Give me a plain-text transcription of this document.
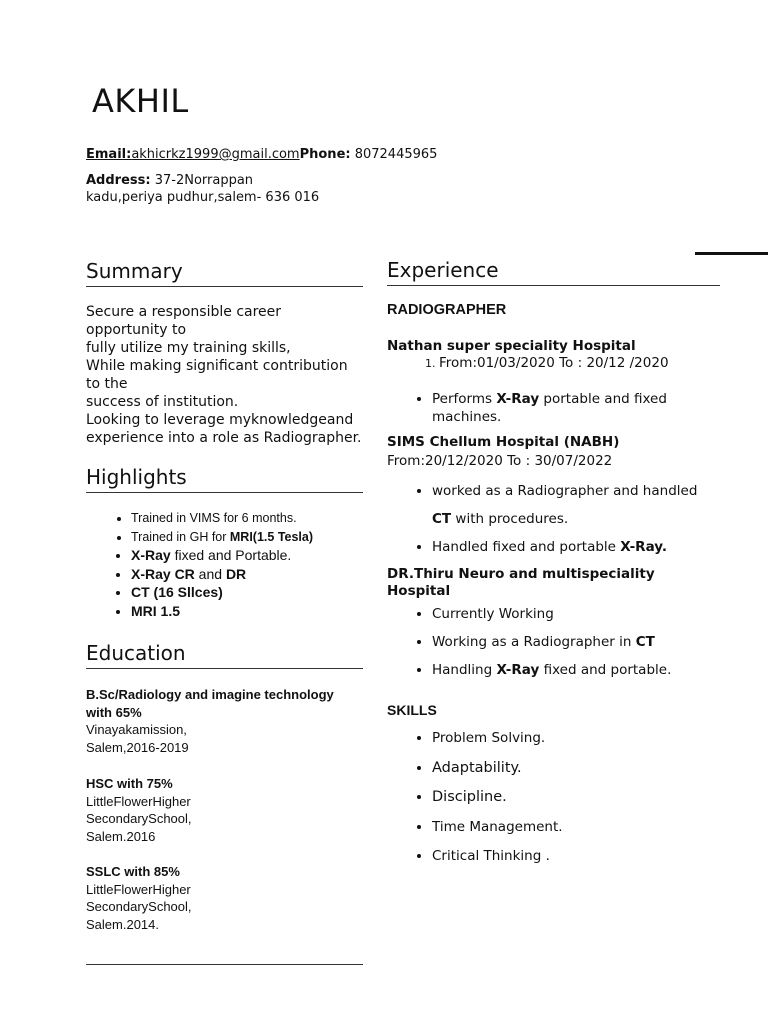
AKHIL
Email:akhicrkz1999@gmail.comPhone: 8072445965
Address: 37-2Norrappan
kadu,periya pudhur,salem- 636 016
Summary
Secure a responsible career opportunity to
fully utilize my training skills,
While making significant contribution to the
success of institution.
Looking to leverage myknowledgeand experience into a role as Radiographer.
Highlights
• Trained in VIMS for 6 months.
• Trained in GH for MRI(1.5 Tesla)
• X-Ray fixed and Portable.
• X-Ray CR and DR
• CT (16 Sllces)
• MRI 1.5
Education
B.Sc/Radiology and imagine technology with 65%
Vinayakamission,
Salem,2016-2019
HSC with 75%
LittleFlowerHigher
SecondarySchool,
Salem.2016
SSLC with 85%
LittleFlowerHigher
SecondarySchool,
Salem.2014.
Experience
RADIOGRAPHER
Nathan super speciality Hospital
1. From:01/03/2020 To : 20/12 /2020
• Performs X-Ray portable and fixed machines.
SIMS Chellum Hospital (NABH)
From:20/12/2020 To : 30/07/2022
• worked as a Radiographer and handled
CT with procedures.
• Handled fixed and portable X-Ray.
DR.Thiru Neuro and multispeciality Hospital
• Currently Working
• Working as a Radiographer in CT
• Handling X-Ray fixed and portable.
SKILLS
• Problem Solving.
• Adaptability.
• Discipline.
• Time Management.
• Critical Thinking .
